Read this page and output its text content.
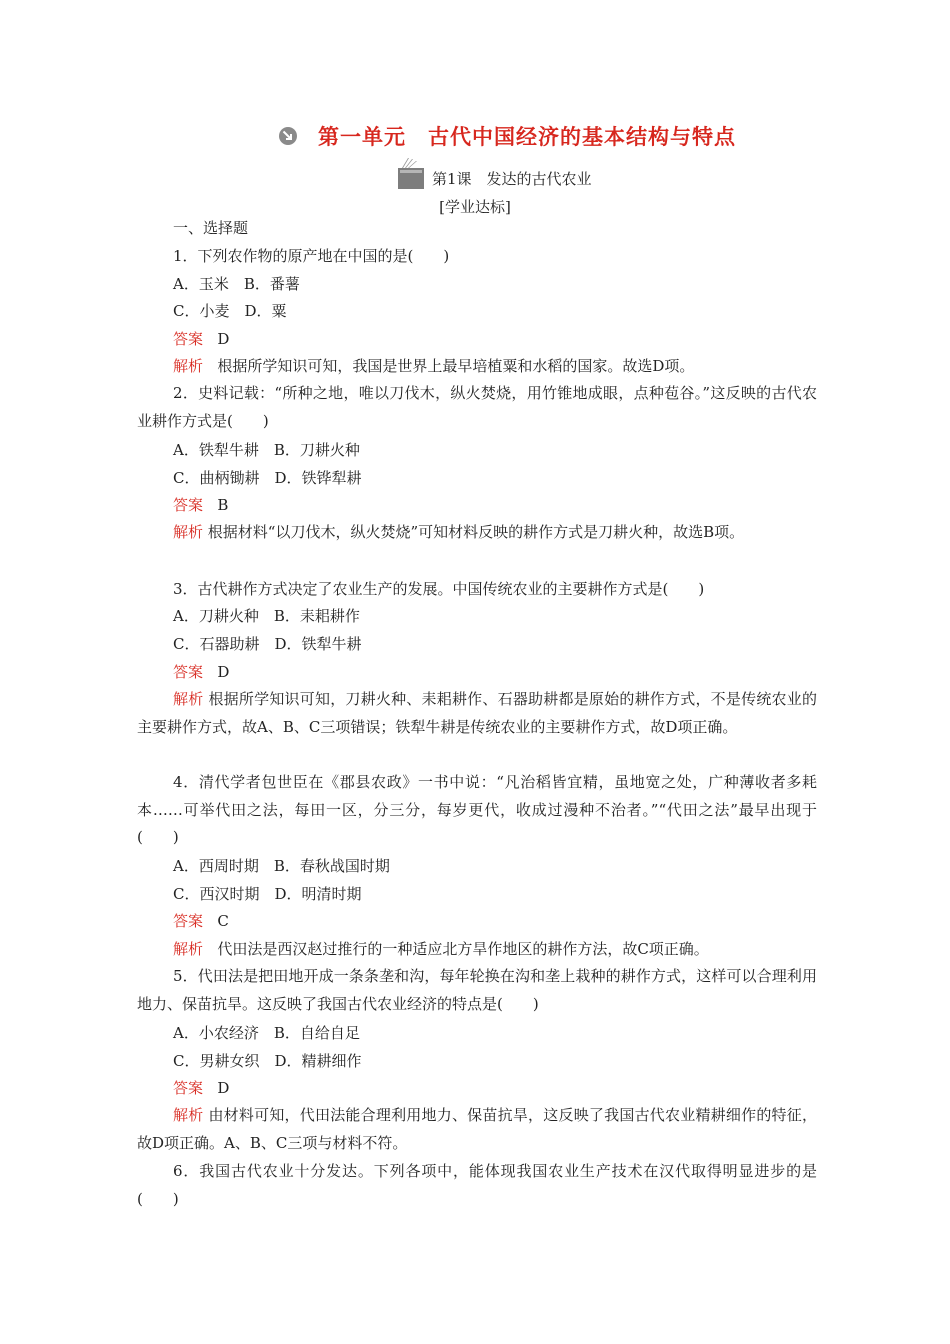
第一单元　古代中国经济的基本结构与特点
第1课　发达的古代农业
[学业达标]
一、选择题
1．下列农作物的原产地在中国的是(　　)
A．玉米　B．番薯
C．小麦　D．粟
答案 D
解析 根据所学知识可知，我国是世界上最早培植粟和水稻的国家。故选D项。
2．史料记载：“所种之地，唯以刀伐木，纵火焚烧，用竹锥地成眼，点种苞谷。”这反映的古代农业耕作方式是(　　)
A．铁犁牛耕　B．刀耕火种
C．曲柄锄耕　D．铁铧犁耕
答案 B
解析 根据材料“以刀伐木，纵火焚烧”可知材料反映的耕作方式是刀耕火种，故选B项。
3．古代耕作方式决定了农业生产的发展。中国传统农业的主要耕作方式是(　　)
A．刀耕火种　B．耒耜耕作
C．石器助耕　D．铁犁牛耕
答案 D
解析 根据所学知识可知，刀耕火种、耒耜耕作、石器助耕都是原始的耕作方式，不是传统农业的主要耕作方式，故A、B、C三项错误；铁犁牛耕是传统农业的主要耕作方式，故D项正确。
4．清代学者包世臣在《郡县农政》一书中说：“凡治稻皆宜精，虽地宽之处，广种薄收者多耗本……可举代田之法，每田一区，分三分，每岁更代，收成过漫种不治者。”“代田之法”最早出现于(　　)
A．西周时期　B．春秋战国时期
C．西汉时期　D．明清时期
答案 C
解析 代田法是西汉赵过推行的一种适应北方旱作地区的耕作方法，故C项正确。
5．代田法是把田地开成一条条垄和沟，每年轮换在沟和垄上栽种的耕作方式，这样可以合理利用地力、保苗抗旱。这反映了我国古代农业经济的特点是(　　)
A．小农经济　B．自给自足
C．男耕女织　D．精耕细作
答案 D
解析 由材料可知，代田法能合理利用地力、保苗抗旱，这反映了我国古代农业精耕细作的特征，故D项正确。A、B、C三项与材料不符。
6．我国古代农业十分发达。下列各项中，能体现我国农业生产技术在汉代取得明显进步的是(　　)
